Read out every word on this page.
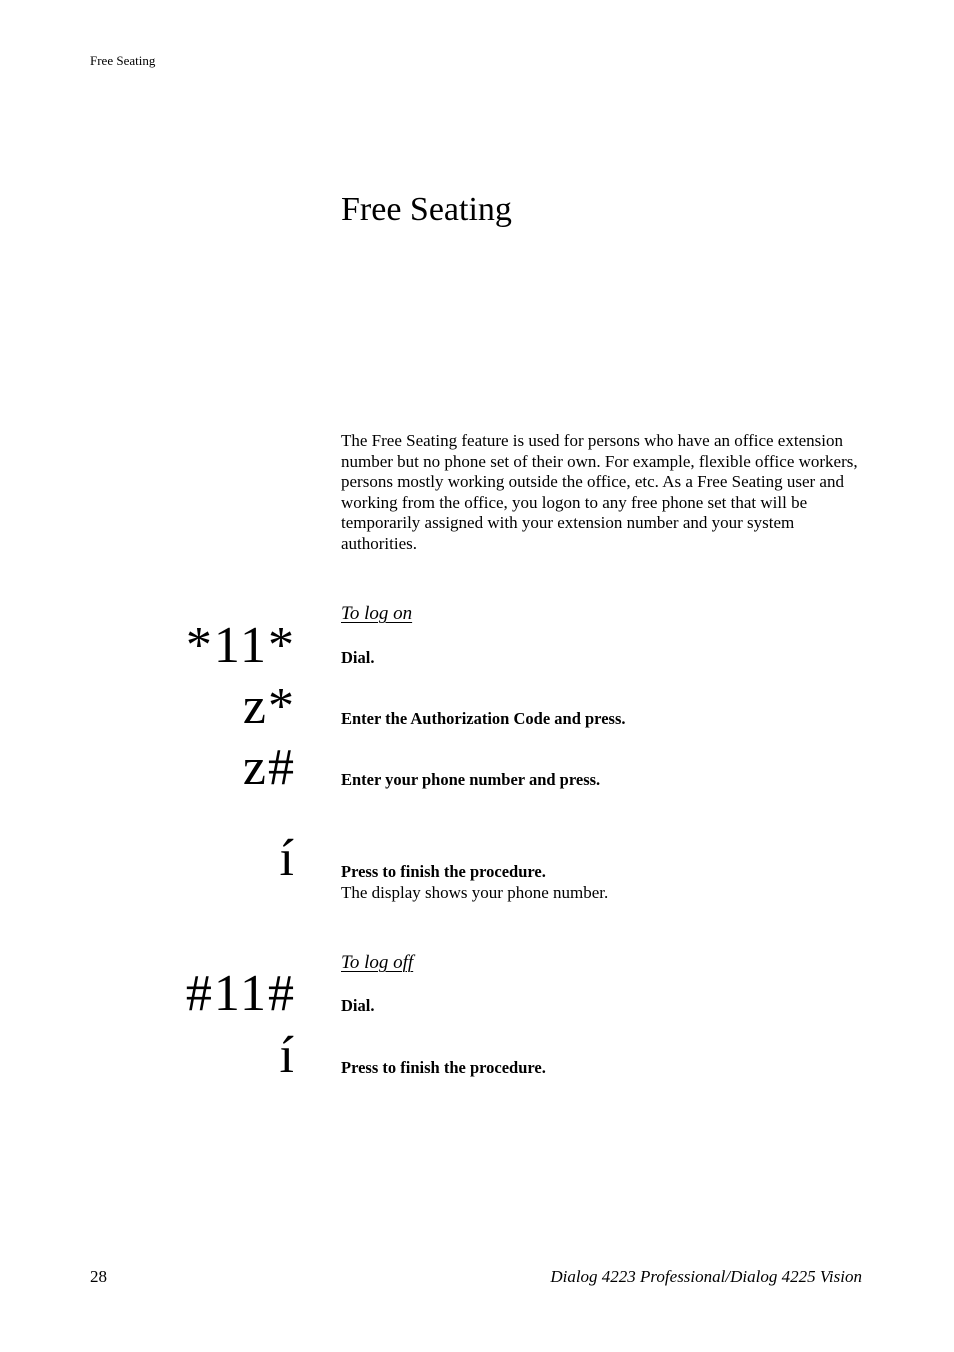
Free Seating
Free Seating

The Free Seating feature is used for persons who have an office extension number but no phone set of their own. For example, flexible office workers, persons mostly working outside the office, etc. As a Free Seating user and working from the office, you logon to any free phone set that will be temporarily assigned with your extension number and your system authorities.

To log on
*11*	Dial.
z*	Enter the Authorization Code and press.
z#	Enter your phone number and press.
í	Press to finish the procedure.
The display shows your phone number.
To log off
#11#	Dial.
í	Press to finish the procedure.
28	Dialog 4223 Professional/Dialog 4225 Vision
